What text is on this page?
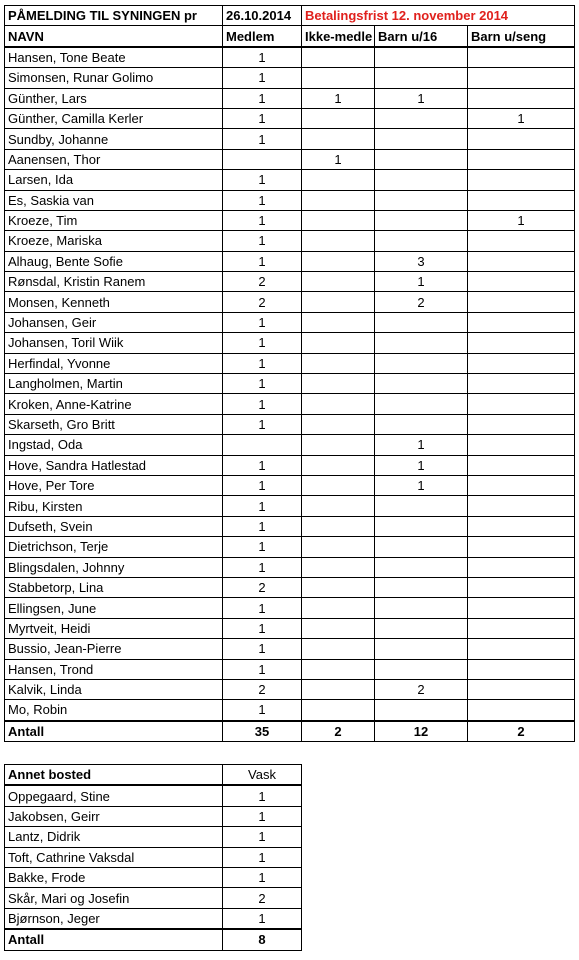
PÅMELDING TIL SYNINGEN pr	26.10.2014	Betalingsfrist 12. november 2014		
NAVN	Medlem	Ikke-medle	Barn u/16	Barn u/seng
Hansen, Tone Beate	1			
Simonsen, Runar Golimo	1			
Günther, Lars	1	1	1	
Günther, Camilla Kerler	1			1
Sundby, Johanne	1			
Aanensen, Thor		1		
Larsen, Ida	1			
Es, Saskia van	1			
Kroeze, Tim	1			1
Kroeze, Mariska	1			
Alhaug, Bente Sofie	1		3	
Rønsdal, Kristin Ranem	2		1	
Monsen, Kenneth	2		2	
Johansen, Geir	1			
Johansen, Toril Wiik	1			
Herfindal, Yvonne	1			
Langholmen, Martin	1			
Kroken, Anne-Katrine	1			
Skarseth, Gro Britt	1			
Ingstad, Oda			1	
Hove, Sandra Hatlestad	1		1	
Hove, Per Tore	1		1	
Ribu, Kirsten	1			
Dufseth, Svein	1			
Dietrichson, Terje	1			
Blingsdalen, Johnny	1			
Stabbetorp, Lina	2			
Ellingsen, June	1			
Myrtveit, Heidi	1			
Bussio, Jean-Pierre	1			
Hansen, Trond	1			
Kalvik, Linda	2		2	
Mo, Robin	1			
Antall	35	2	12	2
Annet bosted	Vask
Oppegaard, Stine	1
Jakobsen, Geirr	1
Lantz, Didrik	1
Toft, Cathrine Vaksdal	1
Bakke, Frode	1
Skår, Mari og Josefin	2
Bjørnson, Jeger	1
Antall	8
